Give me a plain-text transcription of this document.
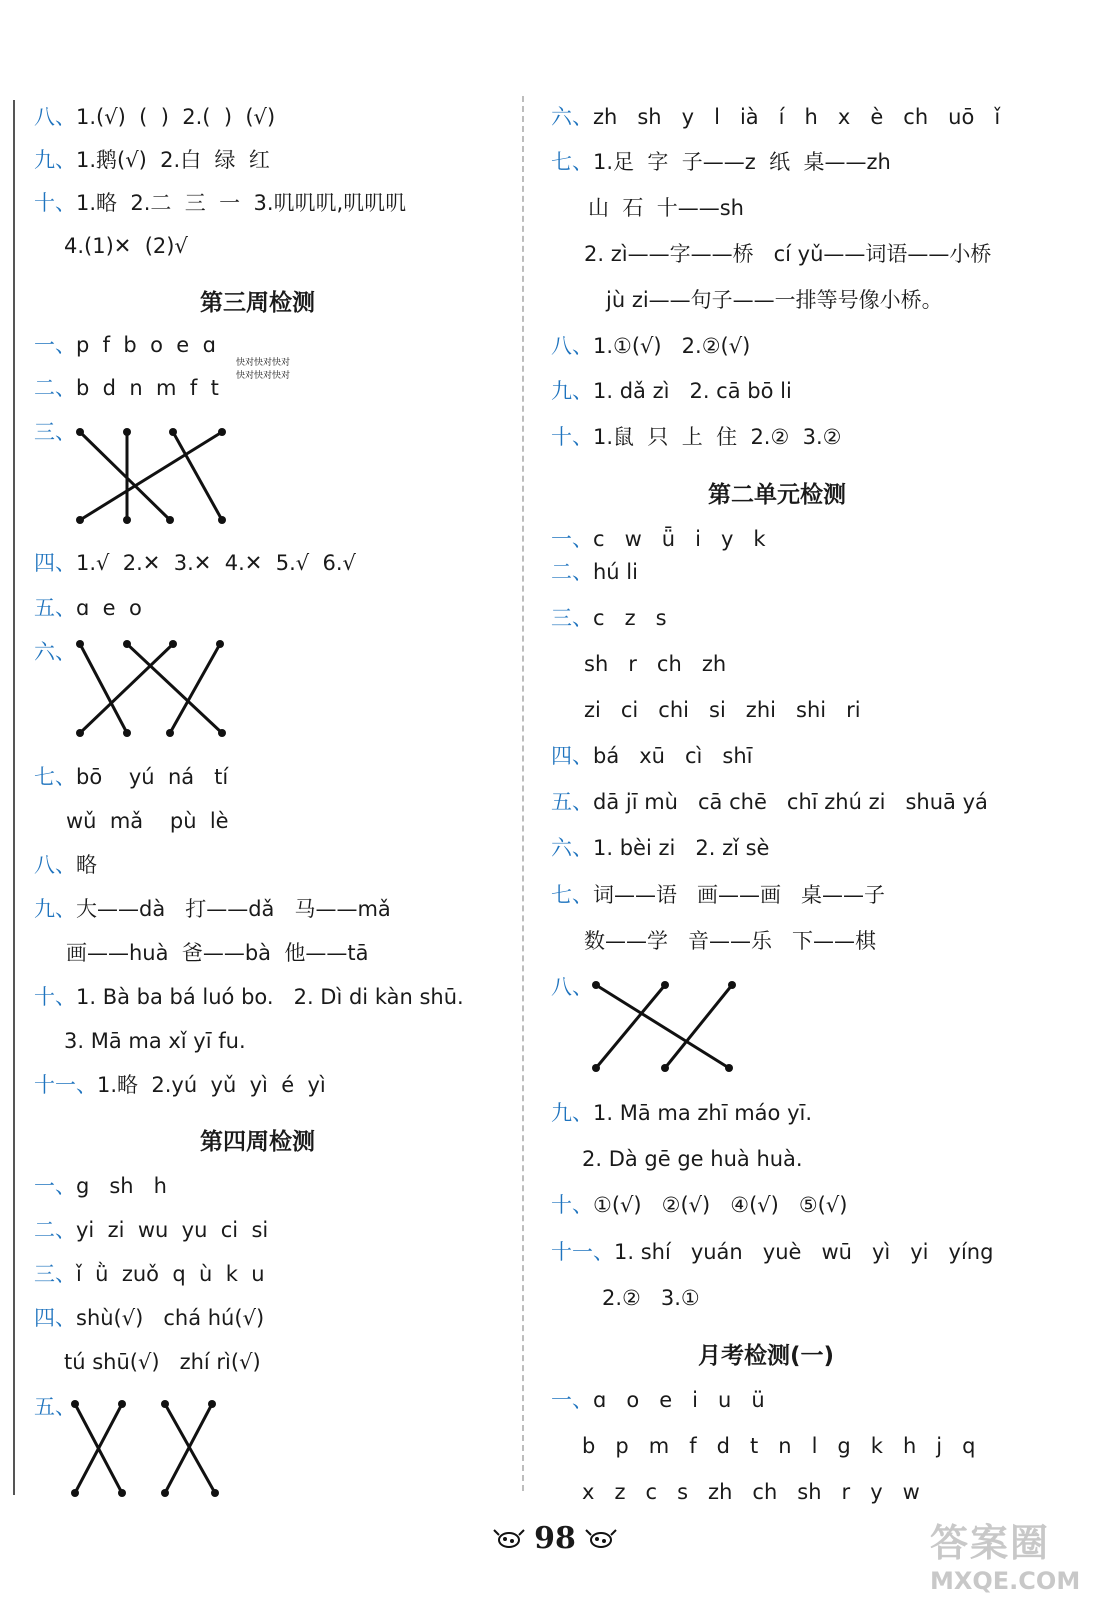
八、1.(√)  (  )  2.(  )  (√)
九、1.鹅(√)  2.白  绿  红
十、1.略  2.二  三  一  3.叽叽叽,叽叽叽
4.(1)✕  (2)√
第三周检测
一、p  f  b  o  e  ɑ
快对快对快对
快对快对快对
二、b  d  n  m  f  t
三、
四、1.√  2.✕  3.✕  4.✕  5.√  6.√
五、ɑ  e  o
六、
七、bō    yú  ná   tí
wǔ  mǎ    pù  lè
八、略
九、大——dà   打——dǎ   马——mǎ
画——huà  爸——bà  他——tā
十、1. Bà ba bá luó bo.   2. Dì di kàn shū.
3. Mā ma xǐ yī fu.
十一、1.略  2.yú  yǔ  yì  é  yì
第四周检测
一、g   sh   h
二、yi  zi  wu  yu  ci  si
三、ǐ  ǜ  zuǒ  q  ù  k  u
四、shù(√)   chá hú(√)
tú shū(√)   zhí rì(√)
五、
六、zh   sh   y   l   ià   í   h   x   è   ch   uō   ǐ
七、1.足  字  子——z  纸  桌——zh
山  石  十——sh
2. zì——字——桥   cí yǔ——词语——小桥
jù zi——句子——一排等号像小桥。
八、1.①(√)   2.②(√)
九、1. dǎ zì   2. cā bō li
十、1.鼠  只  上  住  2.②  3.②
第二单元检测
一、c   w   ǖ   i   y   k
二、hú li
三、c   z   s
sh   r   ch   zh
zi   ci   chi   si   zhi   shi   ri
四、bá   xū   cì   shī
五、dā jī mù   cā chē   chī zhú zi   shuā yá
六、1. bèi zi   2. zǐ sè
七、词——语   画——画   桌——子
数——学   音——乐   下——棋
八、
九、1. Mā ma zhī máo yī.
2. Dà gē ge huà huà.
十、①(√)   ②(√)   ④(√)   ⑤(√)
十一、1. shí   yuán   yuè   wū   yì   yi   yíng
2.②   3.①
月考检测(一)
一、ɑ   o   e   i   u   ü
b   p   m   f   d   t   n   l   g   k   h   j   q
x   z   c   s   zh   ch   sh   r   y   w
98	答案圈
MXQE.COM
